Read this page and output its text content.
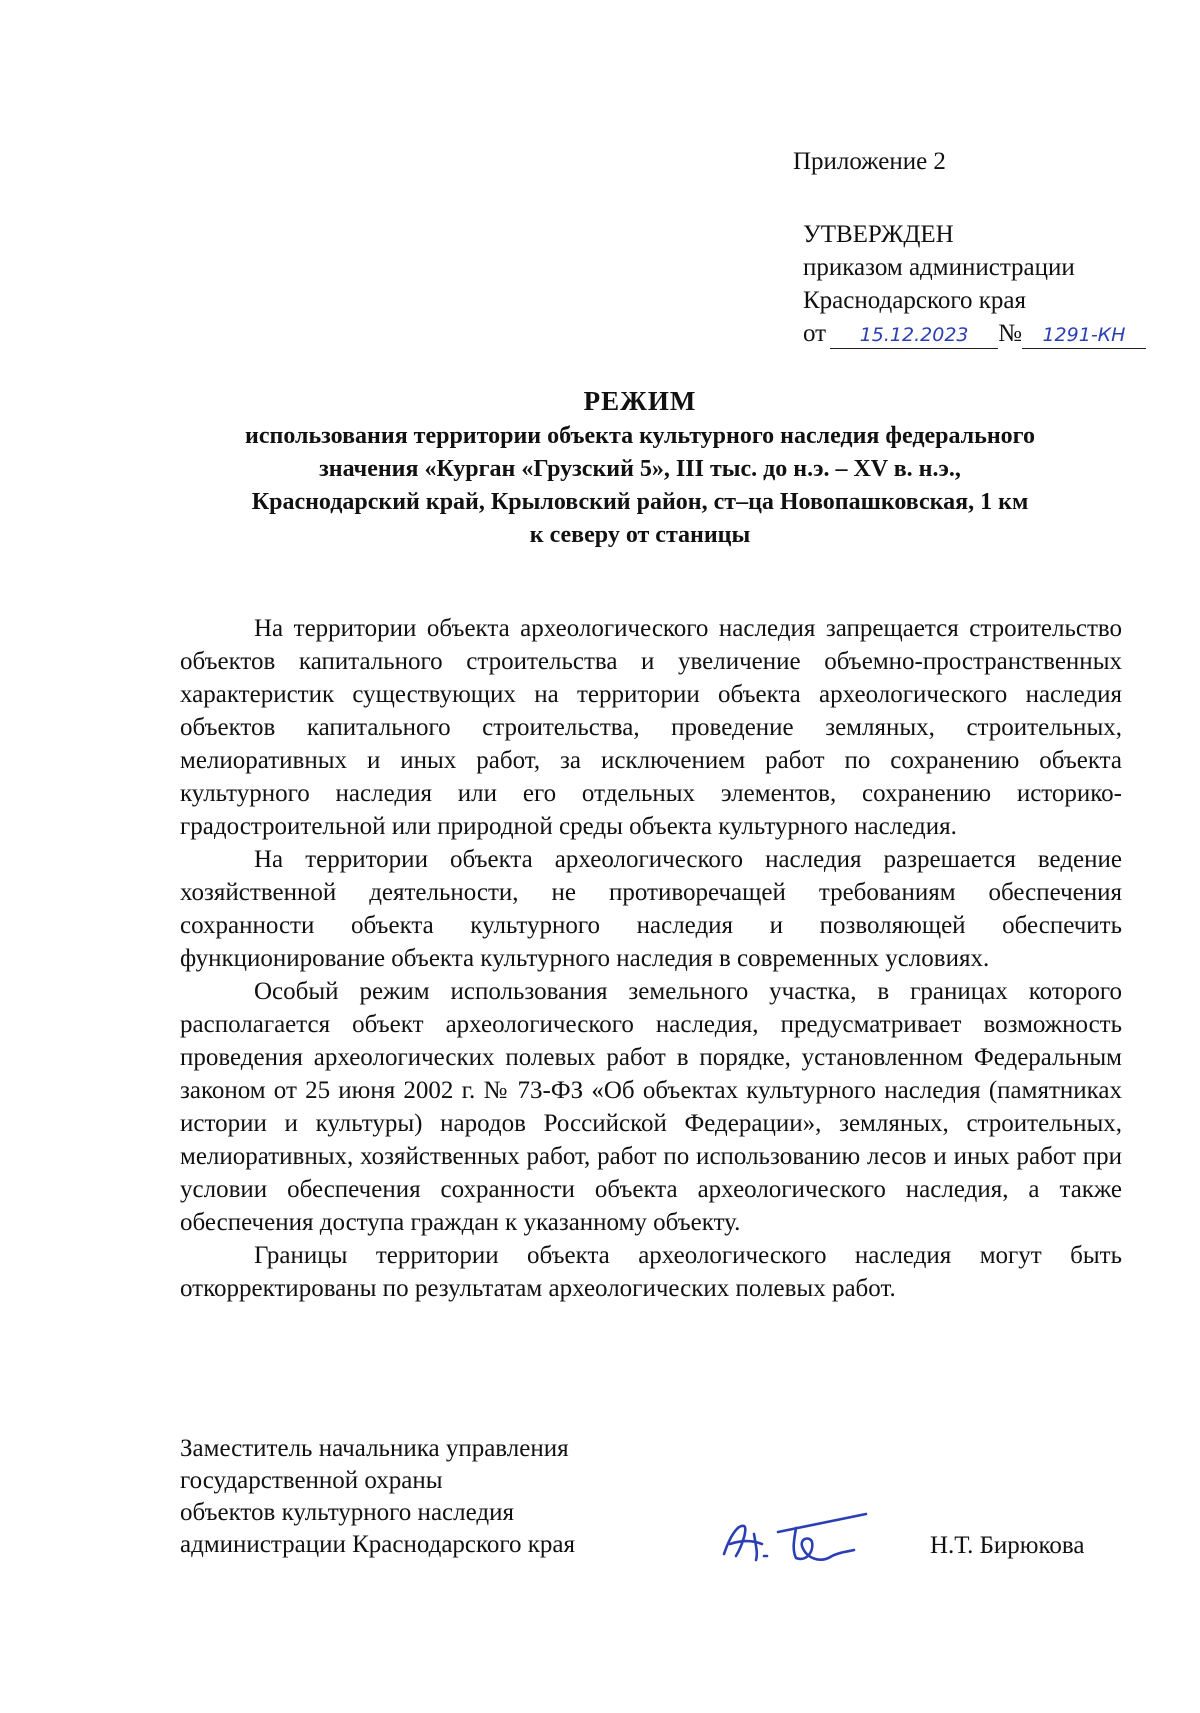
Приложение 2
УТВЕРЖДЕН
приказом администрации
Краснодарского края
от	15.12.2023	№	1291-КН
РЕЖИМ
использования территории объекта культурного наследия федерального
значения «Курган «Грузский 5», III тыс. до н.э. – XV в. н.э.,
Краснодарский край, Крыловский район, ст–ца Новопашковская, 1 км
к северу от станицы

На территории объекта археологического наследия запрещается строительство объектов капитального строительства и увеличение объемно-пространственных характеристик существующих на территории объекта археологического наследия объектов капитального строительства, проведение земляных, строительных, мелиоративных и иных работ, за исключением работ по сохранению объекта культурного наследия или его отдельных элементов, сохранению историко-градостроительной или природной среды объекта культурного наследия.

На территории объекта археологического наследия разрешается ведение хозяйственной деятельности, не противоречащей требованиям обеспечения сохранности объекта культурного наследия и позволяющей обеспечить функционирование объекта культурного наследия в современных условиях.

Особый режим использования земельного участка, в границах которого располагается объект археологического наследия, предусматривает возможность проведения археологических полевых работ в порядке, установленном Федеральным законом от 25 июня 2002 г. № 73-ФЗ «Об объектах культурного наследия (памятниках истории и культуры) народов Российской Федерации», земляных, строительных, мелиоративных, хозяйственных работ, работ по использованию лесов и иных работ при условии обеспечения сохранности объекта археологического наследия, а также обеспечения доступа граждан к указанному объекту.

Границы территории объекта археологического наследия могут быть откорректированы по результатам археологических полевых работ.

Заместитель начальника управления
государственной охраны
объектов культурного наследия
администрации Краснодарского края	Н.Т. Бирюкова
